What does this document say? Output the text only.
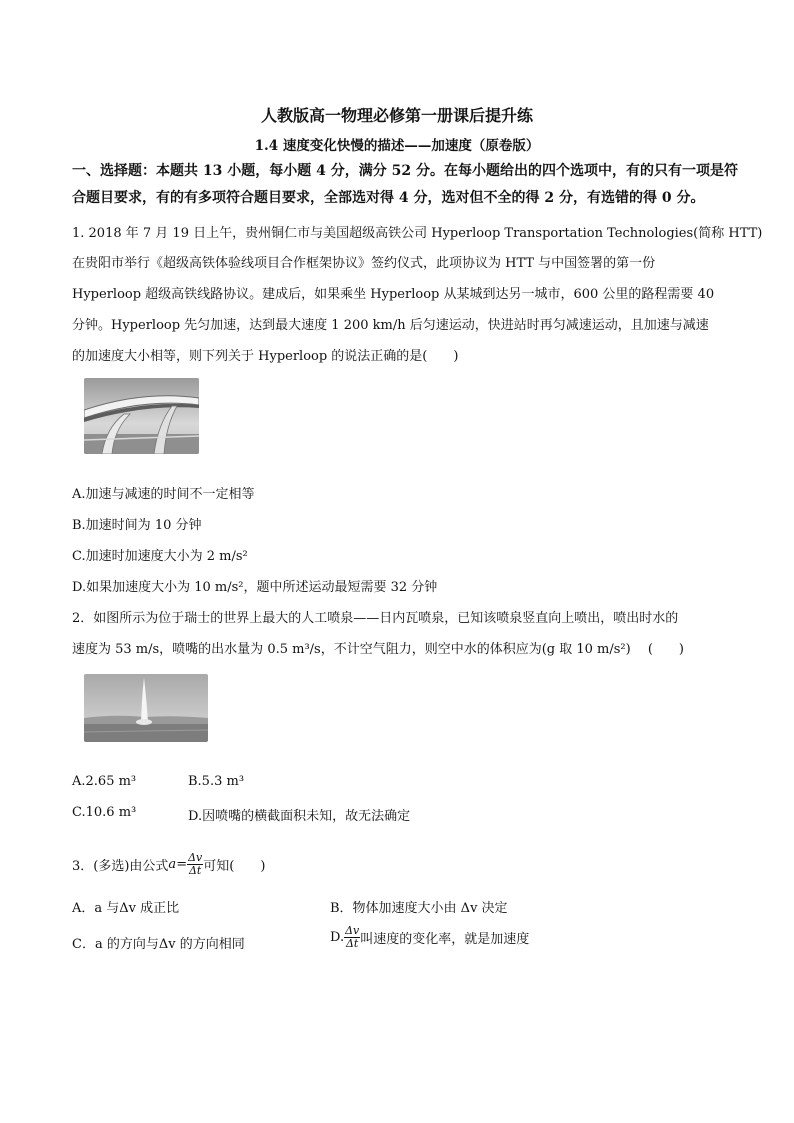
人教版高一物理必修第一册课后提升练
1.4 速度变化快慢的描述——加速度（原卷版）
一、选择题：本题共 13 小题，每小题 4 分，满分 52 分。在每小题给出的四个选项中，有的只有一项是符
合题目要求，有的有多项符合题目要求，全部选对得 4 分，选对但不全的得 2 分，有选错的得 0 分。
1. 2018 年 7 月 19 日上午，贵州铜仁市与美国超级高铁公司 Hyperloop Transportation Technologies(简称 HTT)
在贵阳市举行《超级高铁体验线项目合作框架协议》签约仪式，此项协议为 HTT 与中国签署的第一份
Hyperloop 超级高铁线路协议。建成后，如果乘坐 Hyperloop 从某城到达另一城市，600 公里的路程需要 40
分钟。Hyperloop 先匀加速，达到最大速度 1 200 km/h 后匀速运动，快进站时再匀减速运动，且加速与减速
的加速度大小相等，则下列关于 Hyperloop 的说法正确的是(　　)
A.加速与减速的时间不一定相等
B.加速时间为 10 分钟
C.加速时加速度大小为 2 m/s²
D.如果加速度大小为 10 m/s²，题中所述运动最短需要 32 分钟
2．如图所示为位于瑞士的世界上最大的人工喷泉——日内瓦喷泉，已知该喷泉竖直向上喷出，喷出时水的
速度为 53 m/s，喷嘴的出水量为 0.5 m³/s，不计空气阻力，则空中水的体积应为(g 取 10 m/s²)　 (　　)
A.2.65 m³	B.5.3 m³
C.10.6 m³	D.因喷嘴的横截面积未知，故无法确定
3．(多选)由公式 $a = \frac{\Delta v}{\Delta t}$ 可知(　　)
A．a 与Δv 成正比	B．物体加速度大小由 Δv 决定
C．a 的方向与Δv 的方向相同	D. $\frac{\Delta v}{\Delta t}$ 叫速度的变化率，就是加速度
